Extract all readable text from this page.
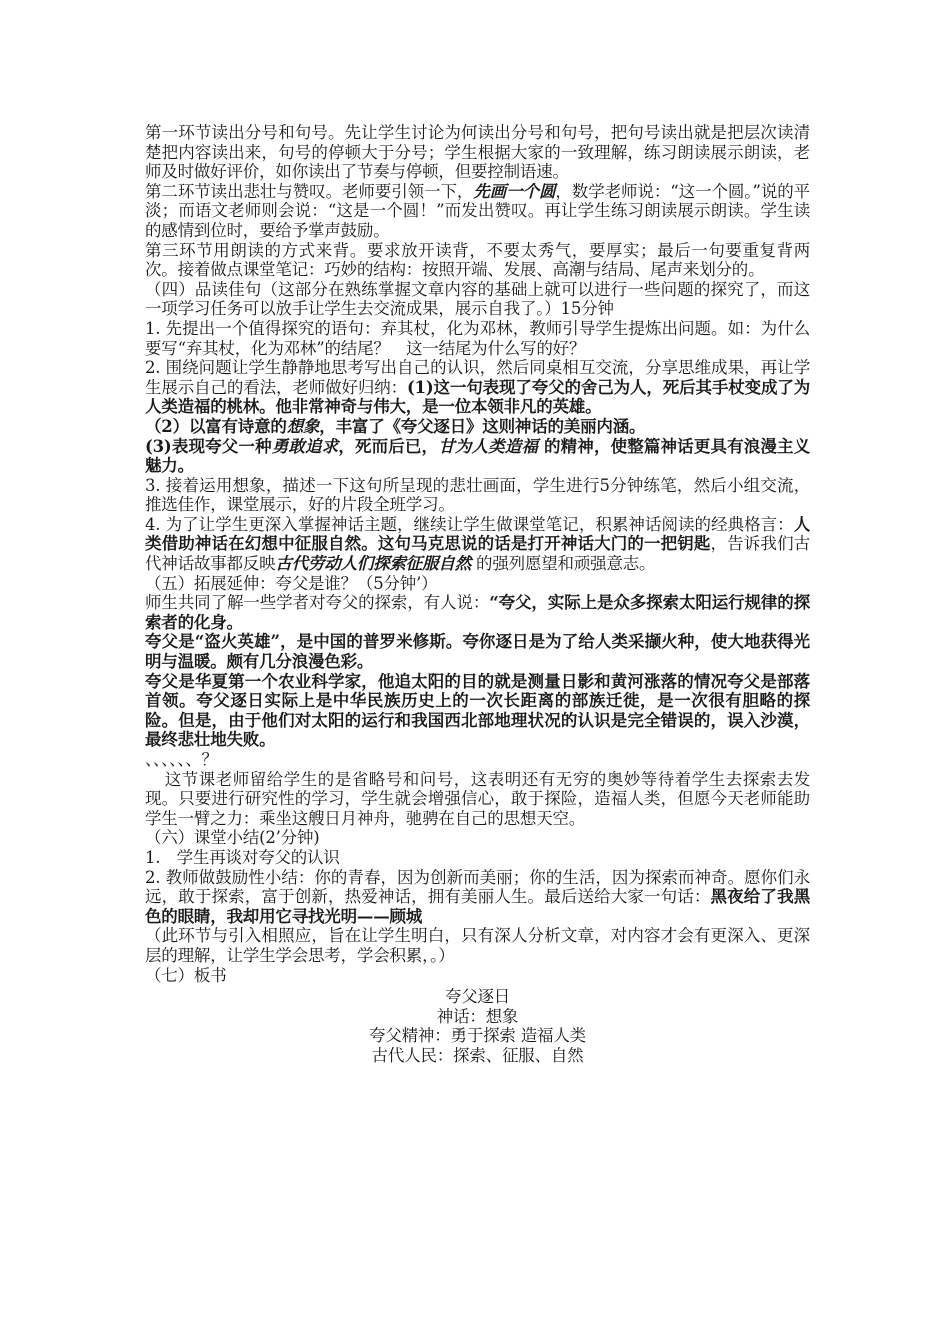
第一环节读出分号和句号。先让学生讨论为何读出分号和句号，把句号读出就是把层次读清楚把内容读出来，句号的停顿大于分号；学生根据大家的一致理解，练习朗读展示朗读，老师及时做好评价，如你读出了节奏与停顿，但要控制语速。

第二环节读出悲壮与赞叹。老师要引领一下，先画一个圆，数学老师说：“这一个圆。”说的平淡；而语文老师则会说：“这是一个圆！”而发出赞叹。再让学生练习朗读展示朗读。学生读的感情到位时，要给予掌声鼓励。

第三环节用朗读的方式来背。要求放开读背，不要太秀气，要厚实；最后一句要重复背两次。接着做点课堂笔记：巧妙的结构：按照开端、发展、高潮与结局、尾声来划分的。

（四）品读佳句（这部分在熟练掌握文章内容的基础上就可以进行一些问题的探究了，而这一项学习任务可以放手让学生去交流成果，展示自我了。）15分钟

1. 先提出一个值得探究的语句：弃其杖，化为邓林，教师引导学生提炼出问题。如：为什么要写“弃其杖，化为邓林”的结尾？　这一结尾为什么写的好？

2. 围绕问题让学生静静地思考写出自己的认识，然后同桌相互交流，分享思维成果，再让学生展示自己的看法，老师做好归纳：(1)这一句表现了夸父的舍己为人，死后其手杖变成了为人类造福的桃林。他非常神奇与伟大，是一位本领非凡的英雄。

（2）以富有诗意的想象，丰富了《夸父逐日》这则神话的美丽内涵。

(3)表现夸父一种勇敢追求，死而后已，甘为人类造福 的精神，使整篇神话更具有浪漫主义魅力。

3. 接着运用想象，描述一下这句所呈现的悲壮画面，学生进行5分钟练笔，然后小组交流，推选佳作，课堂展示，好的片段全班学习。

4. 为了让学生更深入掌握神话主题，继续让学生做课堂笔记，积累神话阅读的经典格言：人类借助神话在幻想中征服自然。这句马克思说的话是打开神话大门的一把钥匙，告诉我们古代神话故事都反映古代劳动人们探索征服自然 的强列愿望和顽强意志。

（五）拓展延伸：夸父是谁？（5分钟’）

师生共同了解一些学者对夸父的探索，有人说：“夸父，实际上是众多探索太阳运行规律的探索者的化身。

夸父是“盗火英雄”，是中国的普罗米修斯。夸你逐日是为了给人类采撷火种，使大地获得光明与温暖。颇有几分浪漫色彩。

夸父是华夏第一个农业科学家，他追太阳的目的就是测量日影和黄河涨落的情况夸父是部落首领。夸父逐日实际上是中华民族历史上的一次长距离的部族迁徙，是一次很有胆略的探险。但是，由于他们对太阳的运行和我国西北部地理状况的认识是完全错误的，误入沙漠，最终悲壮地失败。

、、、、、、？

这节课老师留给学生的是省略号和问号，这表明还有无穷的奥妙等待着学生去探索去发现。只要进行研究性的学习，学生就会增强信心，敢于探险，造福人类，但愿今天老师能助学生一臂之力：乘坐这艘日月神舟，驰骋在自己的思想天空。

（六）课堂小结(2’分钟)

1.　学生再谈对夸父的认识

2. 教师做鼓励性小结：你的青春，因为创新而美丽；你的生活，因为探索而神奇。愿你们永远，敢于探索，富于创新，热爱神话，拥有美丽人生。最后送给大家一句话：黑夜给了我黑色的眼睛，我却用它寻找光明——顾城

（此环节与引入相照应，旨在让学生明白，只有深人分析文章，对内容才会有更深入、更深层的理解，让学生学会思考，学会积累，。）

（七）板书

夸父逐日

神话：想象

夸父精神：勇于探索 造福人类

古代人民：探索、征服、自然
